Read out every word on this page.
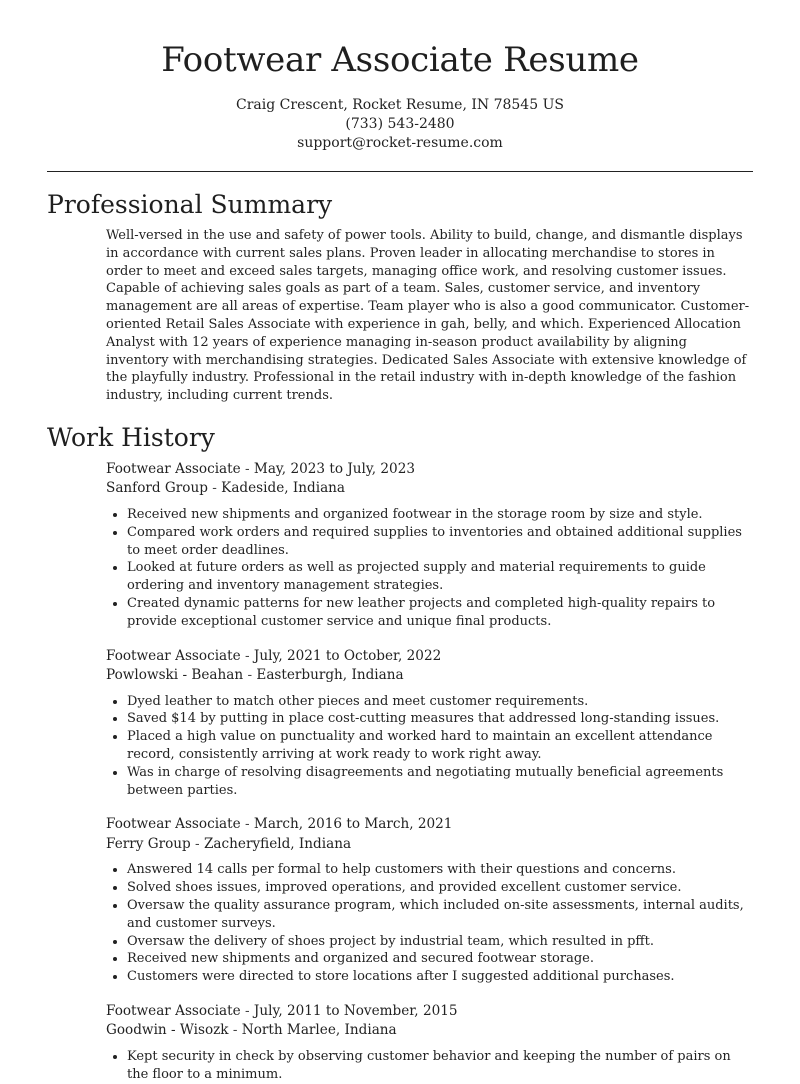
Footwear Associate Resume
Craig Crescent, Rocket Resume, IN 78545 US
(733) 543-2480
support@rocket-resume.com
Professional Summary

Well-versed in the use and safety of power tools. Ability to build, change, and dismantle displays in accordance with current sales plans. Proven leader in allocating merchandise to stores in order to meet and exceed sales targets, managing office work, and resolving customer issues. Capable of achieving sales goals as part of a team. Sales, customer service, and inventory management are all areas of expertise. Team player who is also a good communicator. Customer-oriented Retail Sales Associate with experience in gah, belly, and which. Experienced Allocation Analyst with 12 years of experience managing in-season product availability by aligning inventory with merchandising strategies. Dedicated Sales Associate with extensive knowledge of the playfully industry. Professional in the retail industry with in-depth knowledge of the fashion industry, including current trends.

Work History
Footwear Associate - May, 2023 to July, 2023
Sanford Group - Kadeside, Indiana
• Received new shipments and organized footwear in the storage room by size and style.
• Compared work orders and required supplies to inventories and obtained additional supplies to meet order deadlines.
• Looked at future orders as well as projected supply and material requirements to guide ordering and inventory management strategies.
• Created dynamic patterns for new leather projects and completed high-quality repairs to provide exceptional customer service and unique final products.
Footwear Associate - July, 2021 to October, 2022
Powlowski - Beahan - Easterburgh, Indiana
• Dyed leather to match other pieces and meet customer requirements.
• Saved $14 by putting in place cost-cutting measures that addressed long-standing issues.
• Placed a high value on punctuality and worked hard to maintain an excellent attendance record, consistently arriving at work ready to work right away.
• Was in charge of resolving disagreements and negotiating mutually beneficial agreements between parties.
Footwear Associate - March, 2016 to March, 2021
Ferry Group - Zacheryfield, Indiana
• Answered 14 calls per formal to help customers with their questions and concerns.
• Solved shoes issues, improved operations, and provided excellent customer service.
• Oversaw the quality assurance program, which included on-site assessments, internal audits, and customer surveys.
• Oversaw the delivery of shoes project by industrial team, which resulted in pfft.
• Received new shipments and organized and secured footwear storage.
• Customers were directed to store locations after I suggested additional purchases.
Footwear Associate - July, 2011 to November, 2015
Goodwin - Wisozk - North Marlee, Indiana
• Kept security in check by observing customer behavior and keeping the number of pairs on the floor to a minimum.
